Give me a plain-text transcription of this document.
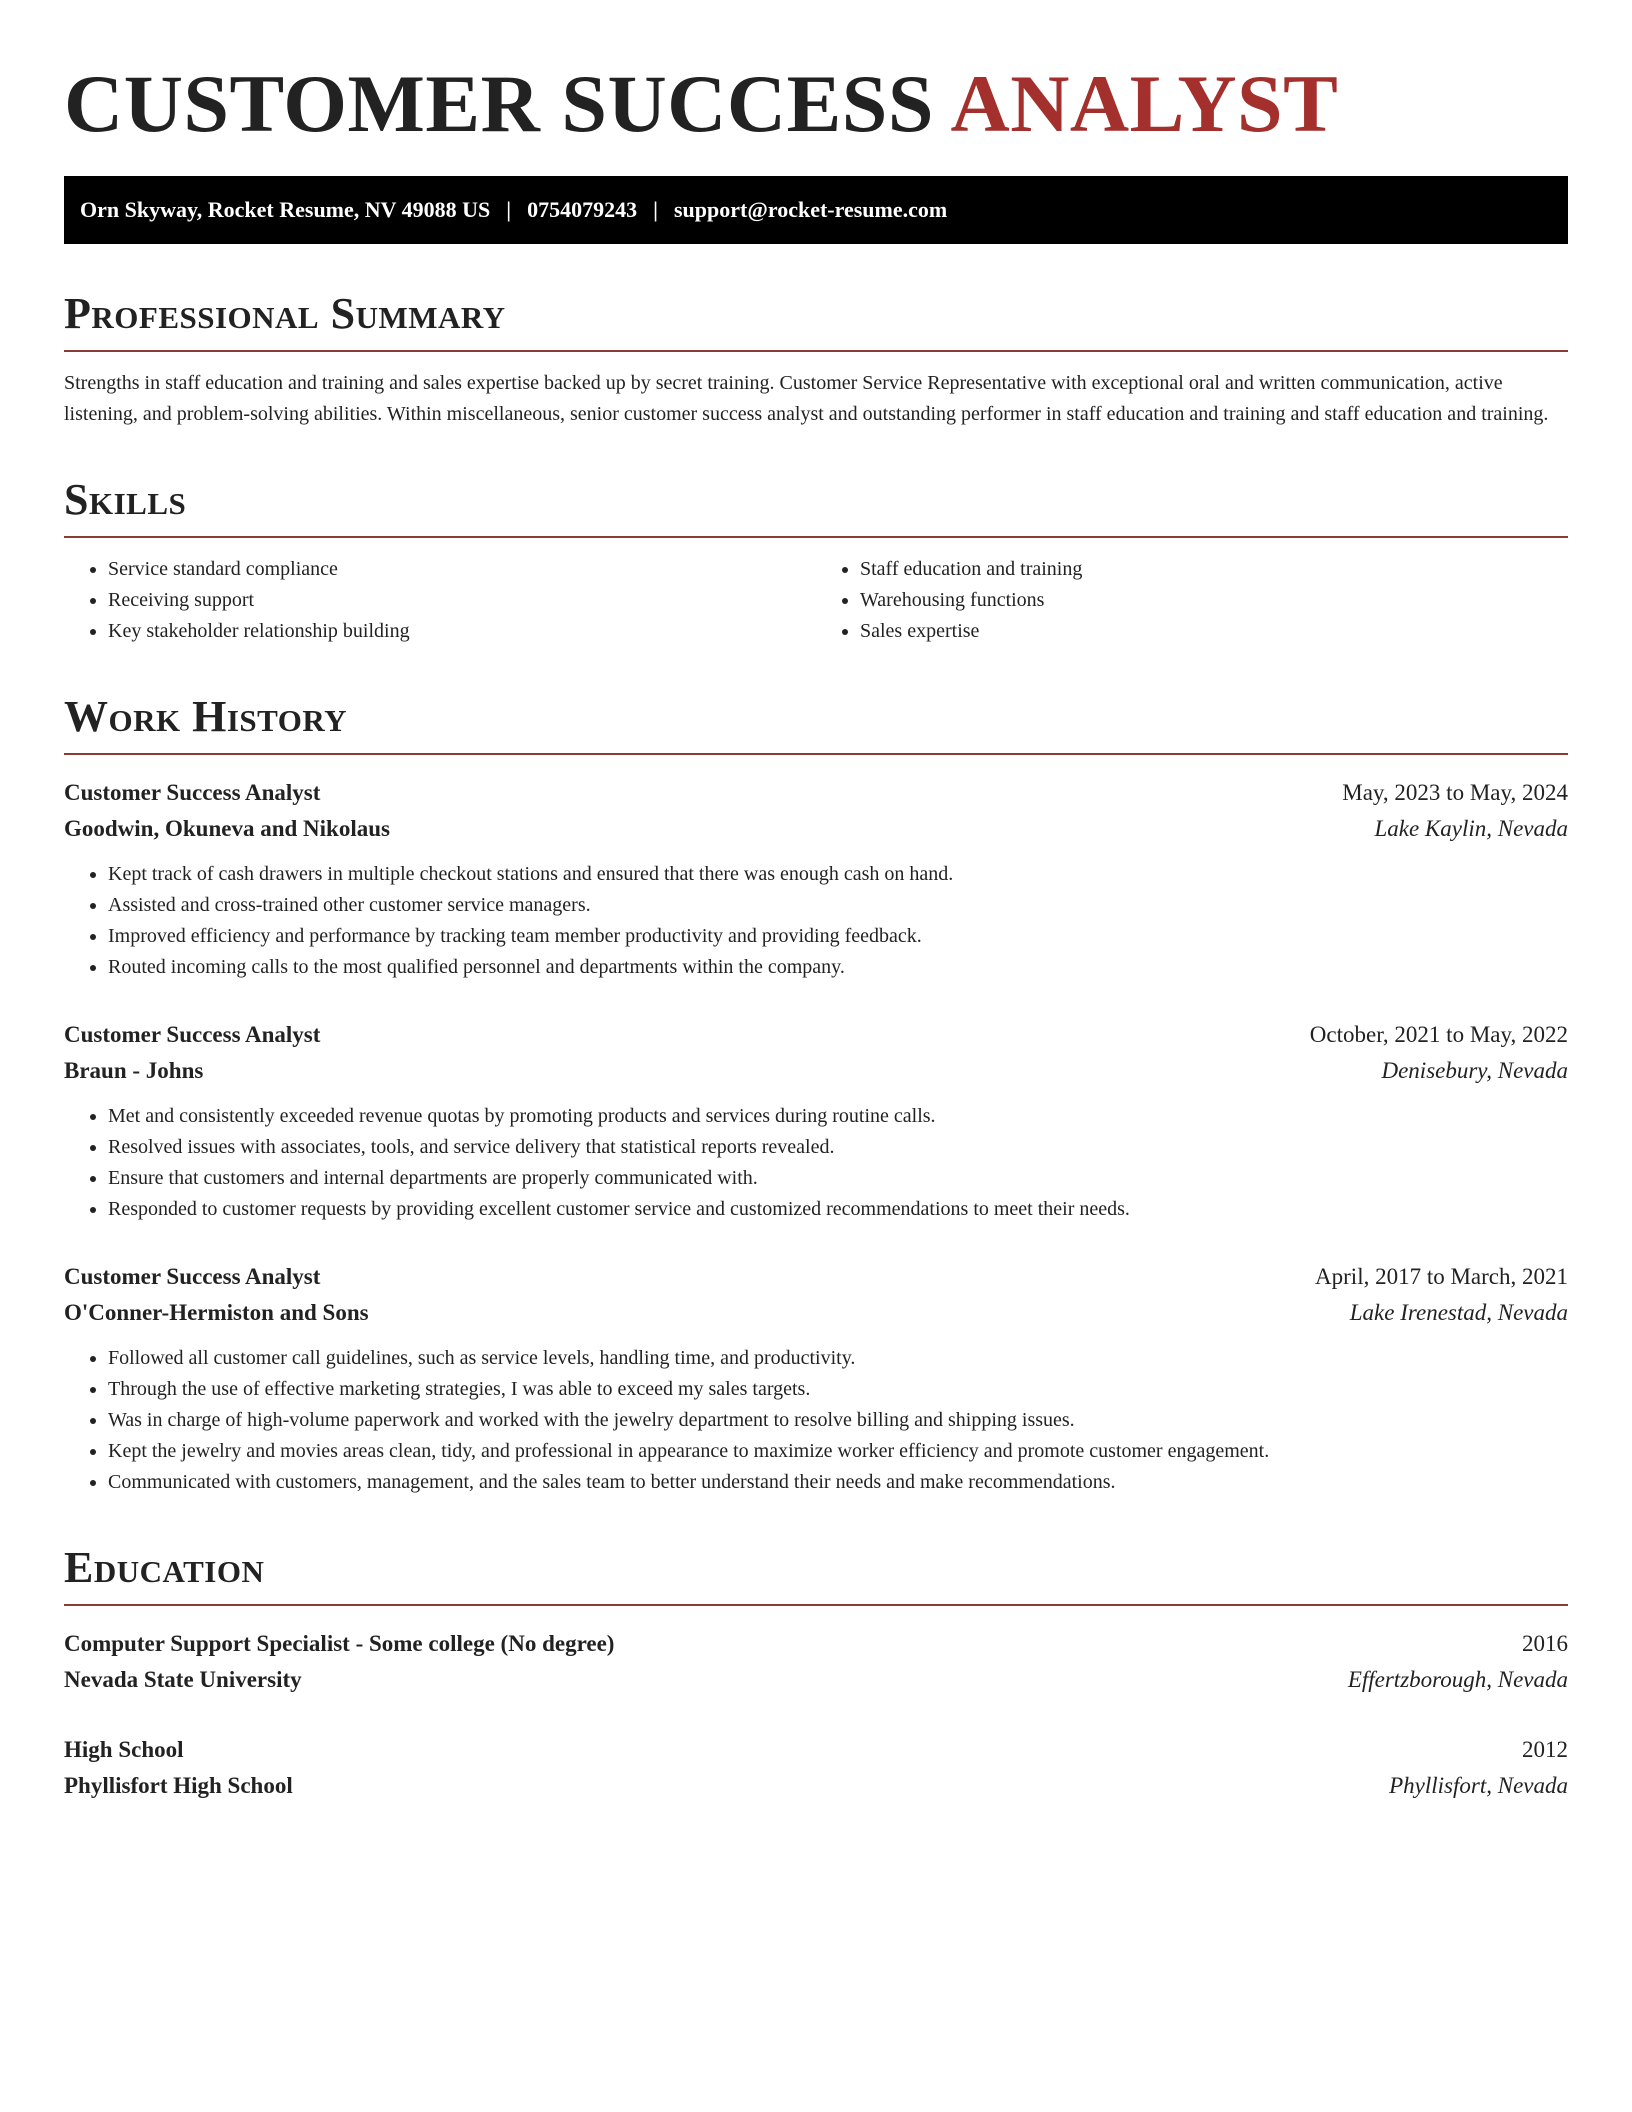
CUSTOMER SUCCESS ANALYST
Orn Skyway, Rocket Resume, NV 49088 US | 0754079243 | support@rocket-resume.com
Professional Summary

Strengths in staff education and training and sales expertise backed up by secret training. Customer Service Representative with exceptional oral and written communication, active listening, and problem-solving abilities. Within miscellaneous, senior customer success analyst and outstanding performer in staff education and training and staff education and training.

Skills
• Service standard compliance
• Receiving support
• Key stakeholder relationship building
• Staff education and training
• Warehousing functions
• Sales expertise
Work History
Customer Success Analyst	May, 2023 to May, 2024
Goodwin, Okuneva and Nikolaus	Lake Kaylin, Nevada
• Kept track of cash drawers in multiple checkout stations and ensured that there was enough cash on hand.
• Assisted and cross-trained other customer service managers.
• Improved efficiency and performance by tracking team member productivity and providing feedback.
• Routed incoming calls to the most qualified personnel and departments within the company.
Customer Success Analyst	October, 2021 to May, 2022
Braun - Johns	Denisebury, Nevada
• Met and consistently exceeded revenue quotas by promoting products and services during routine calls.
• Resolved issues with associates, tools, and service delivery that statistical reports revealed.
• Ensure that customers and internal departments are properly communicated with.
• Responded to customer requests by providing excellent customer service and customized recommendations to meet their needs.
Customer Success Analyst	April, 2017 to March, 2021
O'Conner-Hermiston and Sons	Lake Irenestad, Nevada
• Followed all customer call guidelines, such as service levels, handling time, and productivity.
• Through the use of effective marketing strategies, I was able to exceed my sales targets.
• Was in charge of high-volume paperwork and worked with the jewelry department to resolve billing and shipping issues.
• Kept the jewelry and movies areas clean, tidy, and professional in appearance to maximize worker efficiency and promote customer engagement.
• Communicated with customers, management, and the sales team to better understand their needs and make recommendations.
Education
Computer Support Specialist - Some college (No degree)	2016
Nevada State University	Effertzborough, Nevada
High School	2012
Phyllisfort High School	Phyllisfort, Nevada
